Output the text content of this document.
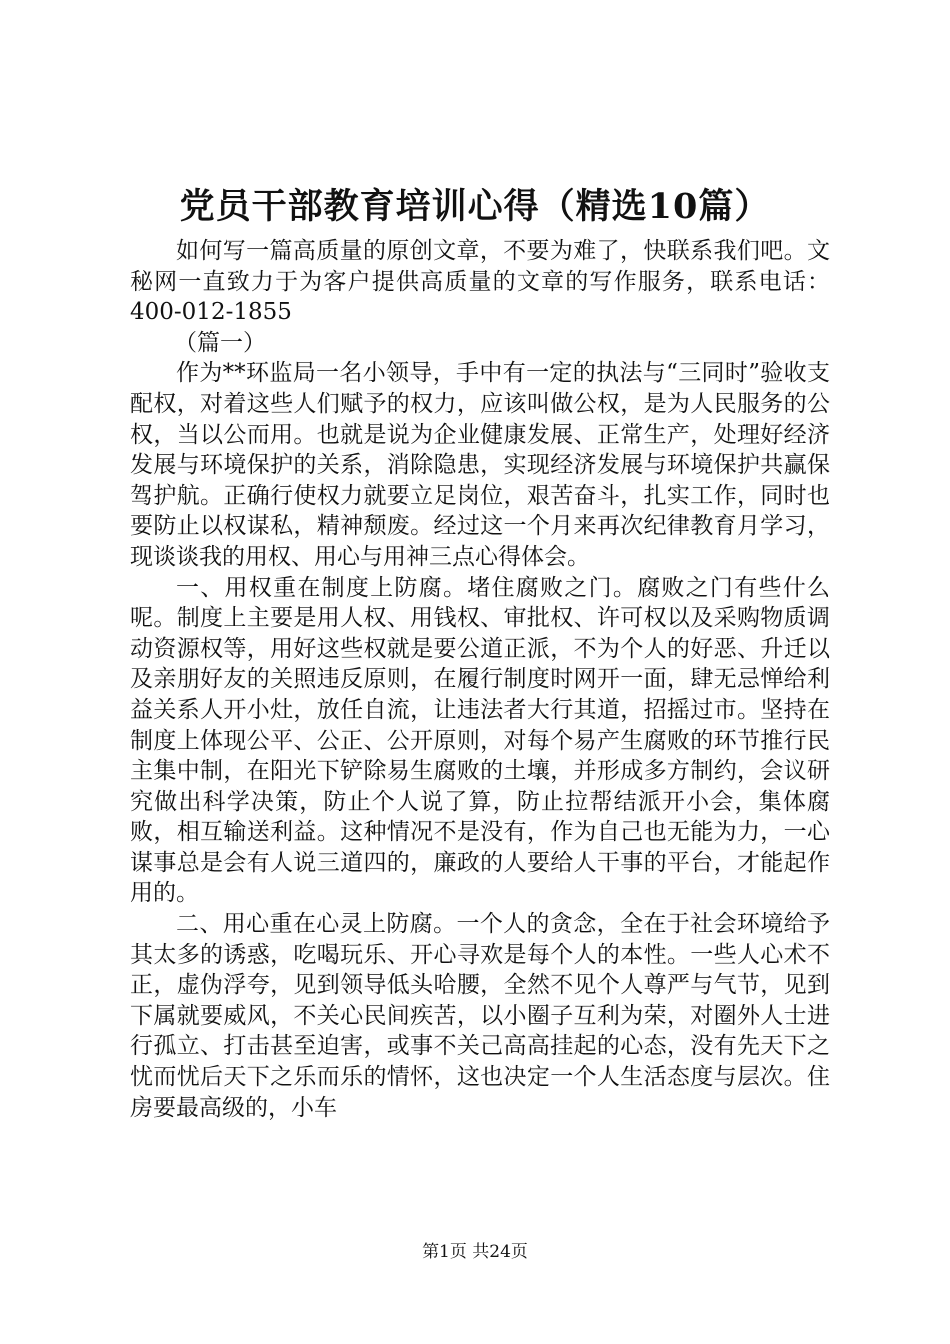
党员干部教育培训心得（精选10篇）

如何写一篇高质量的原创文章，不要为难了，快联系我们吧。文秘网一直致力于为客户提供高质量的文章的写作服务，联系电话：400-012-1855

（篇一）

作为**环监局一名小领导，手中有一定的执法与“三同时”验收支配权，对着这些人们赋予的权力，应该叫做公权，是为人民服务的公权，当以公而用。也就是说为企业健康发展、正常生产，处理好经济发展与环境保护的关系，消除隐患，实现经济发展与环境保护共赢保驾护航。正确行使权力就要立足岗位，艰苦奋斗，扎实工作，同时也要防止以权谋私，精神颓废。经过这一个月来再次纪律教育月学习，现谈谈我的用权、用心与用神三点心得体会。

一、用权重在制度上防腐。堵住腐败之门。腐败之门有些什么呢。制度上主要是用人权、用钱权、审批权、许可权以及采购物质调动资源权等，用好这些权就是要公道正派，不为个人的好恶、升迁以及亲朋好友的关照违反原则，在履行制度时网开一面，肆无忌惮给利益关系人开小灶，放任自流，让违法者大行其道，招摇过市。坚持在制度上体现公平、公正、公开原则，对每个易产生腐败的环节推行民主集中制，在阳光下铲除易生腐败的土壤，并形成多方制约，会议研究做出科学决策，防止个人说了算，防止拉帮结派开小会，集体腐败，相互输送利益。这种情况不是没有，作为自己也无能为力，一心谋事总是会有人说三道四的，廉政的人要给人干事的平台，才能起作用的。

二、用心重在心灵上防腐。一个人的贪念，全在于社会环境给予其太多的诱惑，吃喝玩乐、开心寻欢是每个人的本性。一些人心术不正，虚伪浮夸，见到领导低头哈腰，全然不见个人尊严与气节，见到下属就要威风，不关心民间疾苦，以小圈子互利为荣，对圈外人士进行孤立、打击甚至迫害，或事不关己高高挂起的心态，没有先天下之忧而忧后天下之乐而乐的情怀，这也决定一个人生活态度与层次。住房要最高级的，小车

第1页 共24页
